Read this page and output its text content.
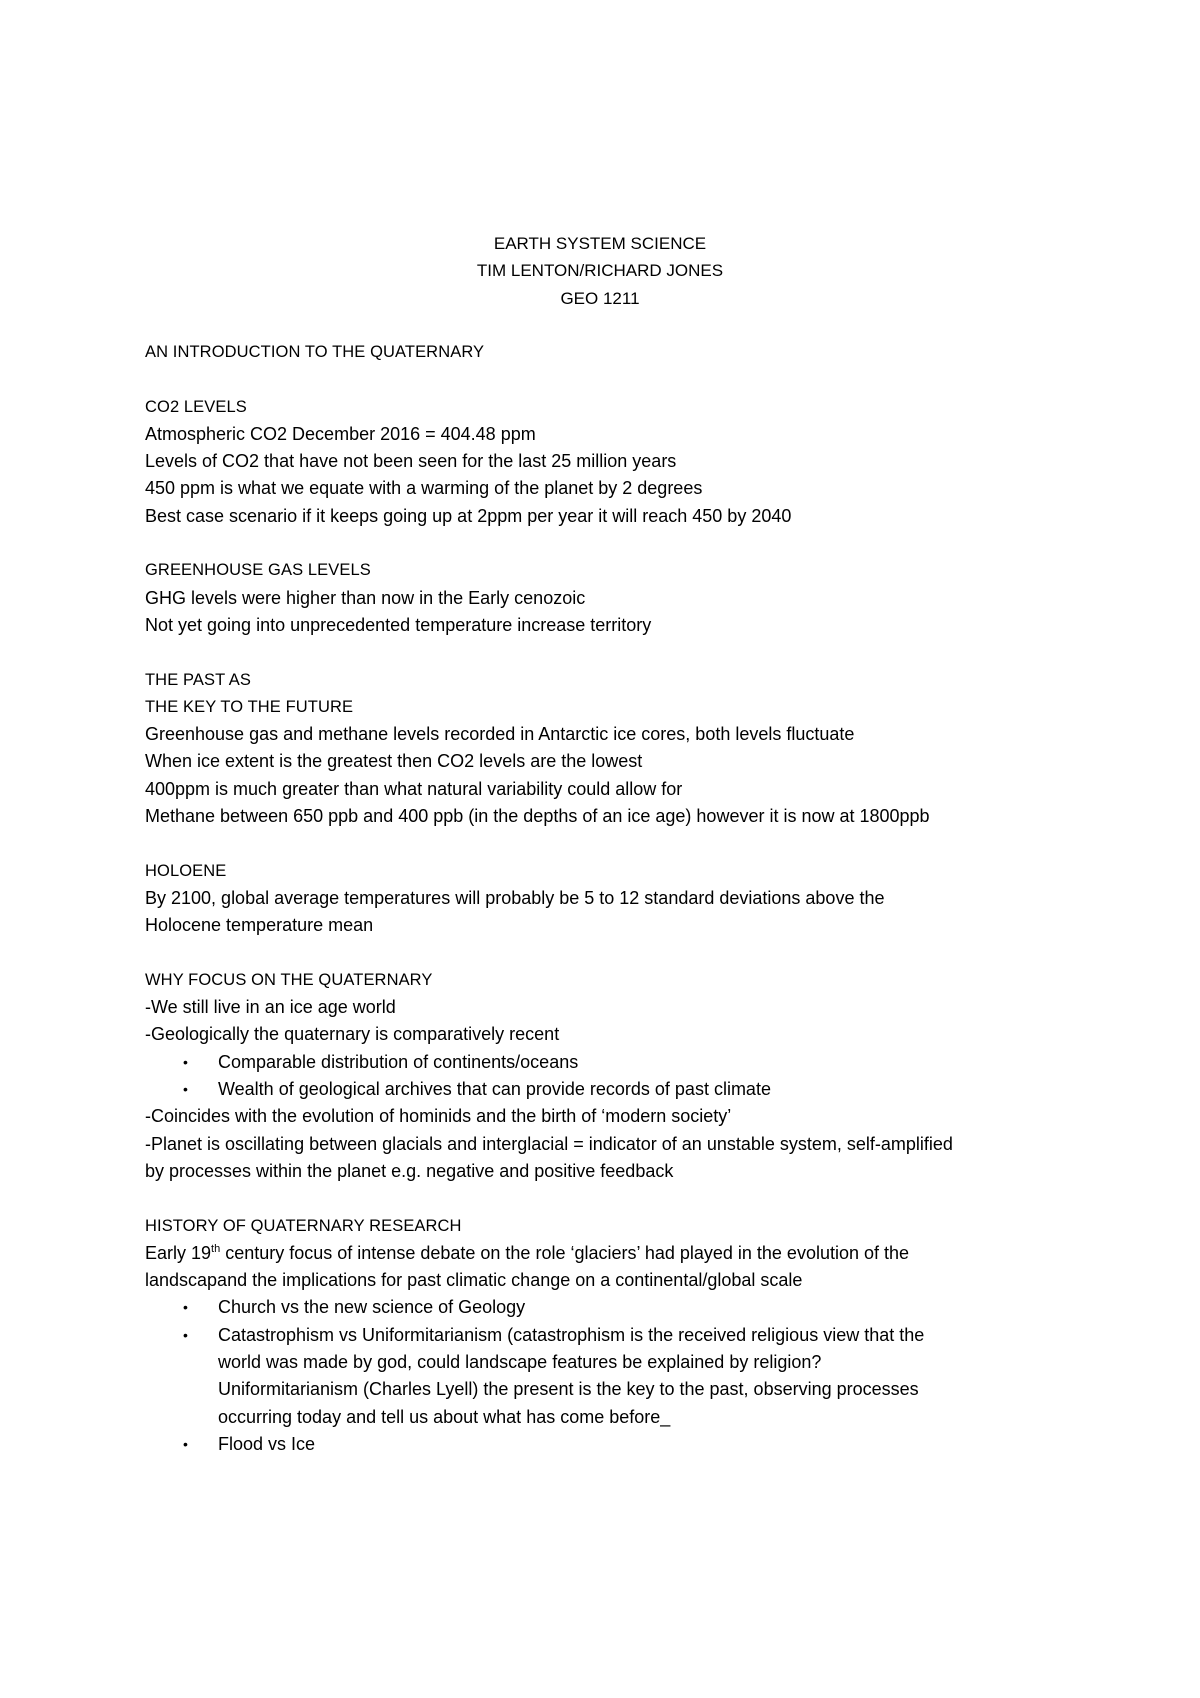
EARTH SYSTEM SCIENCE
TIM LENTON/RICHARD JONES
GEO 1211
AN INTRODUCTION TO THE QUATERNARY
CO2 LEVELS
Atmospheric CO2 December 2016 = 404.48 ppm
Levels of CO2 that have not been seen for the last 25 million years
450 ppm is what we equate with a warming of the planet by 2 degrees
Best case scenario if it keeps going up at 2ppm per year it will reach 450 by 2040
GREENHOUSE GAS LEVELS
GHG levels were higher than now in the Early cenozoic
Not yet going into unprecedented temperature increase territory
THE PAST AS
THE KEY TO THE FUTURE
Greenhouse gas and methane levels recorded in Antarctic ice cores, both levels fluctuate
When ice extent is the greatest then CO2 levels are the lowest
400ppm is much greater than what natural variability could allow for
Methane between 650 ppb and 400 ppb (in the depths of an ice age) however it is now at 1800ppb
HOLOENE
By 2100, global average temperatures will probably be 5 to 12 standard deviations above the
Holocene temperature mean
WHY FOCUS ON THE QUATERNARY
-We still live in an ice age world
-Geologically the quaternary is comparatively recent
• Comparable distribution of continents/oceans
• Wealth of geological archives that can provide records of past climate
-Coincides with the evolution of hominids and the birth of ‘modern society’
-Planet is oscillating between glacials and interglacial = indicator of an unstable system, self-amplified
by processes within the planet e.g. negative and positive feedback
HISTORY OF QUATERNARY RESEARCH
Early 19th century focus of intense debate on the role ‘glaciers’ had played in the evolution of the
landscapand the implications for past climatic change on a continental/global scale
• Church vs the new science of Geology
• Catastrophism vs Uniformitarianism (catastrophism is the received religious view that the
world was made by god, could landscape features be explained by religion?
Uniformitarianism (Charles Lyell) the present is the key to the past, observing processes
occurring today and tell us about what has come before_
• Flood vs Ice
